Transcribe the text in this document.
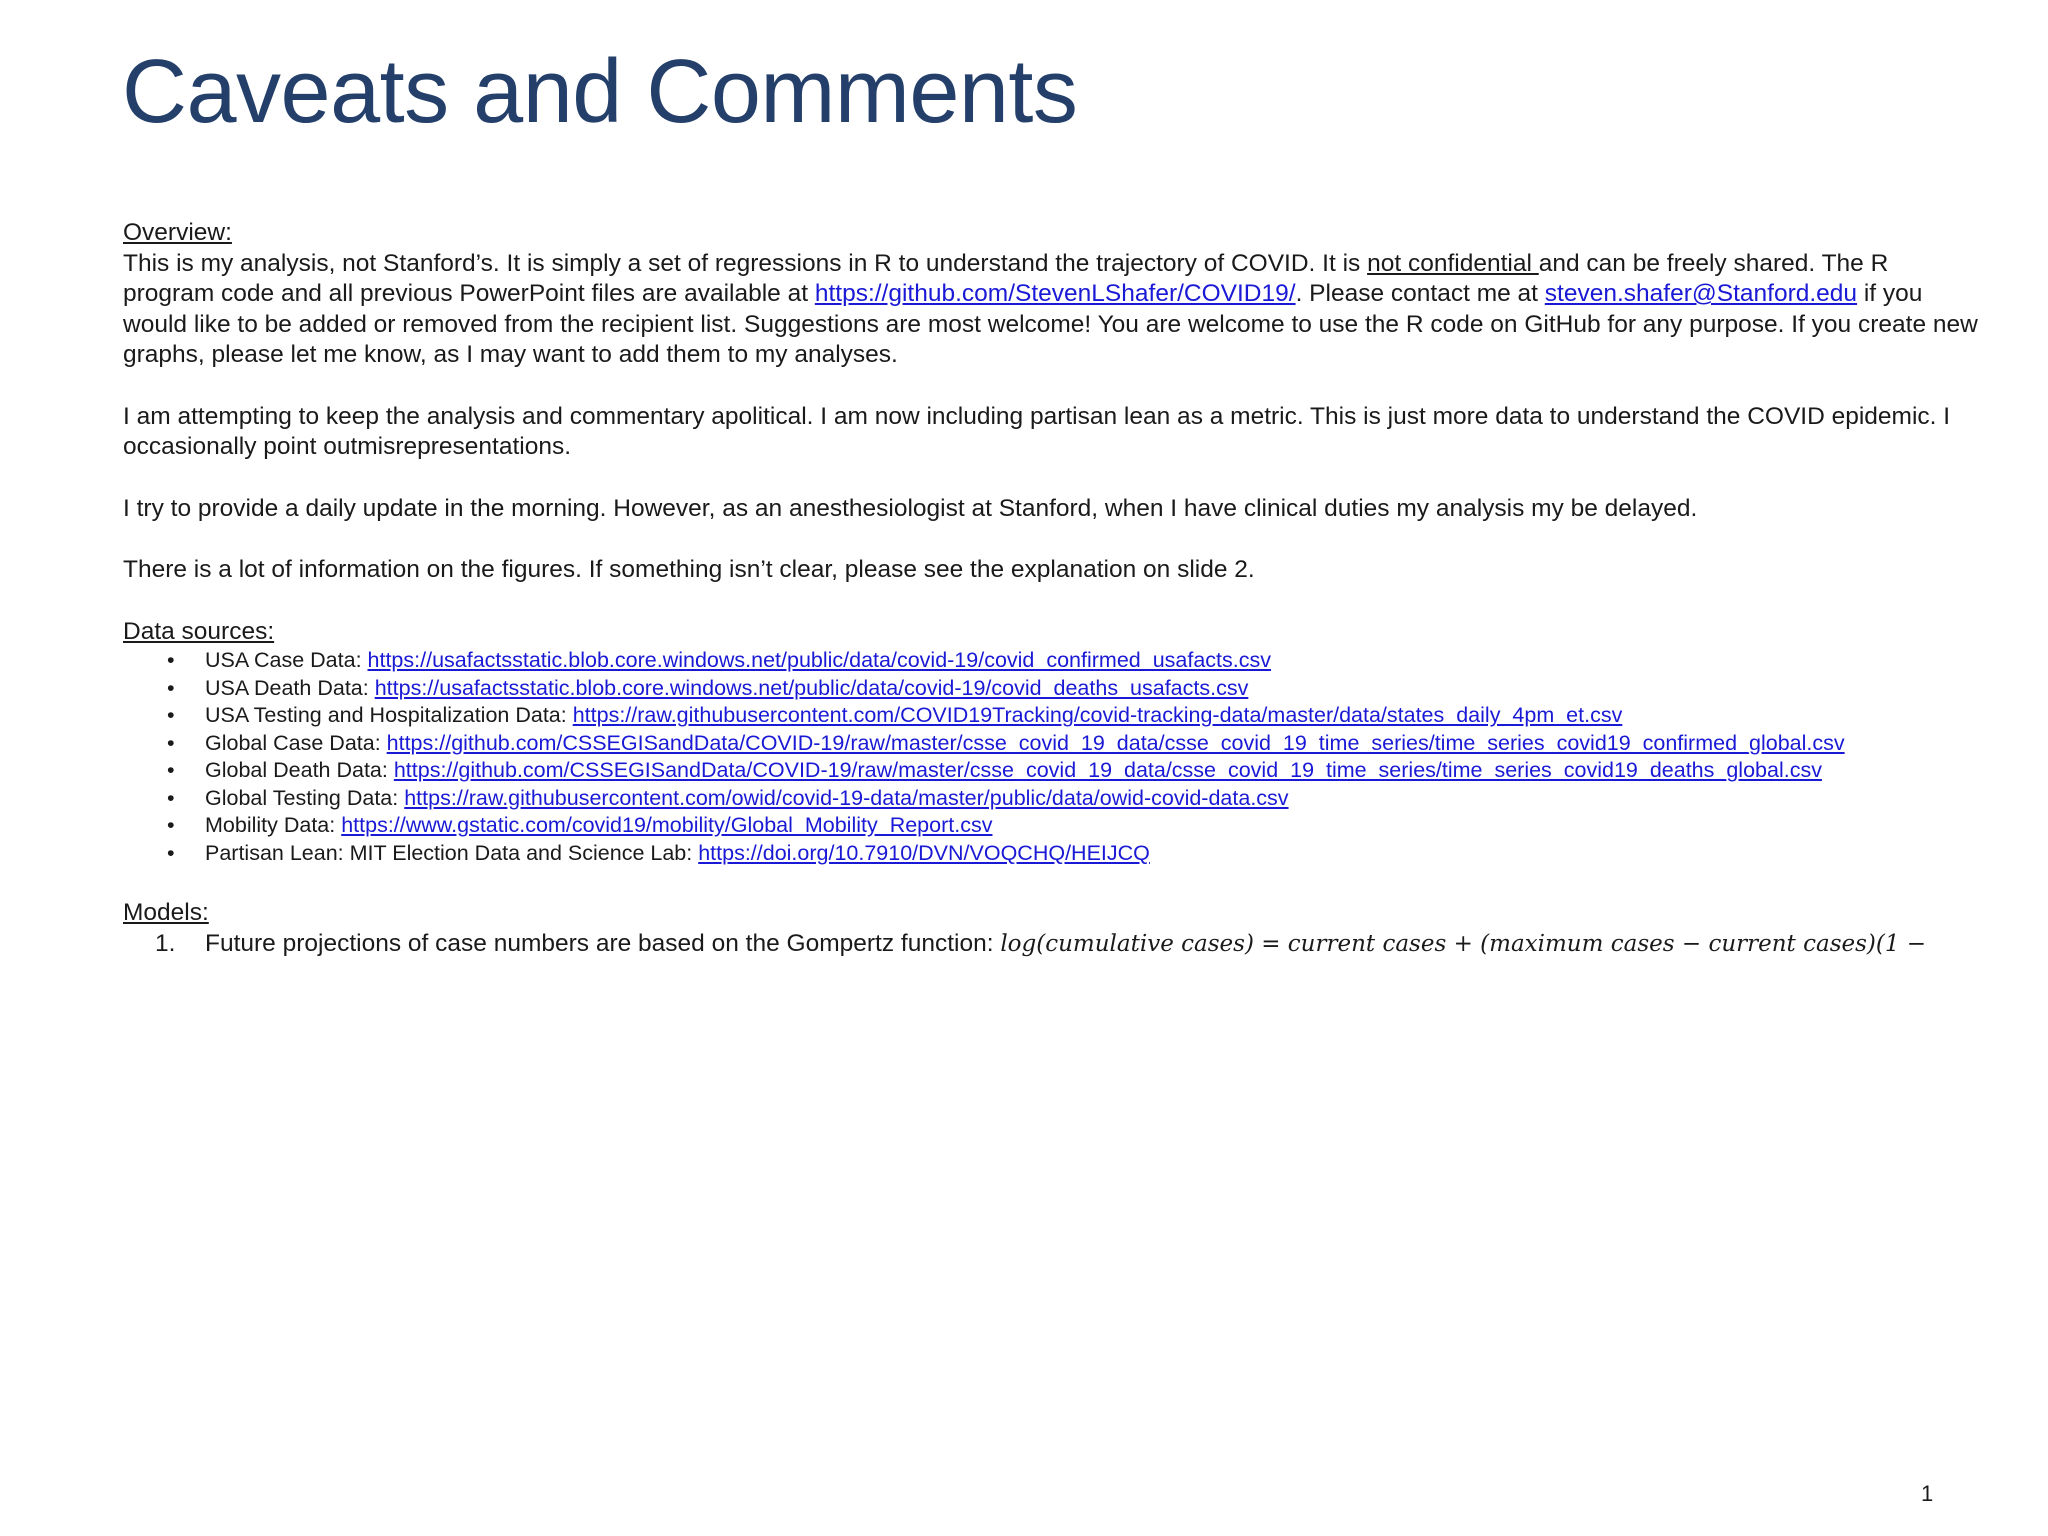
Caveats and Comments

Overview:

This is my analysis, not Stanford’s. It is simply a set of regressions in R to understand the trajectory of COVID. It is not confidential and can be freely shared. The R program code and all previous PowerPoint files are available at https://github.com/StevenLShafer/COVID19/. Please contact me at steven.shafer@Stanford.edu if you would like to be added or removed from the recipient list. Suggestions are most welcome! You are welcome to use the R code on GitHub for any purpose. If you create new graphs, please let me know, as I may want to add them to my analyses.

I am attempting to keep the analysis and commentary apolitical. I am now including partisan lean as a metric. This is just more data to understand the COVID epidemic. I occasionally point outmisrepresentations.

I try to provide a daily update in the morning. However, as an anesthesiologist at Stanford, when I have clinical duties my analysis my be delayed.

There is a lot of information on the figures. If something isn’t clear, please see the explanation on slide 2.

Data sources:

• USA Case Data: https://usafactsstatic.blob.core.windows.net/public/data/covid-19/covid_confirmed_usafacts.csv
• USA Death Data: https://usafactsstatic.blob.core.windows.net/public/data/covid-19/covid_deaths_usafacts.csv
• USA Testing and Hospitalization Data: https://raw.githubusercontent.com/COVID19Tracking/covid-tracking-data/master/data/states_daily_4pm_et.csv
• Global Case Data: https://github.com/CSSEGISandData/COVID-19/raw/master/csse_covid_19_data/csse_covid_19_time_series/time_series_covid19_confirmed_global.csv
• Global Death Data: https://github.com/CSSEGISandData/COVID-19/raw/master/csse_covid_19_data/csse_covid_19_time_series/time_series_covid19_deaths_global.csv
• Global Testing Data: https://raw.githubusercontent.com/owid/covid-19-data/master/public/data/owid-covid-data.csv
• Mobility Data: https://www.gstatic.com/covid19/mobility/Global_Mobility_Report.csv
• Partisan Lean: MIT Election Data and Science Lab: https://doi.org/10.7910/DVN/VOQCHQ/HEIJCQ

Models:

1. Future projections of case numbers are based on the Gompertz function: log(cumulative cases) = current cases + (maximum cases − current cases)(1 −
1
